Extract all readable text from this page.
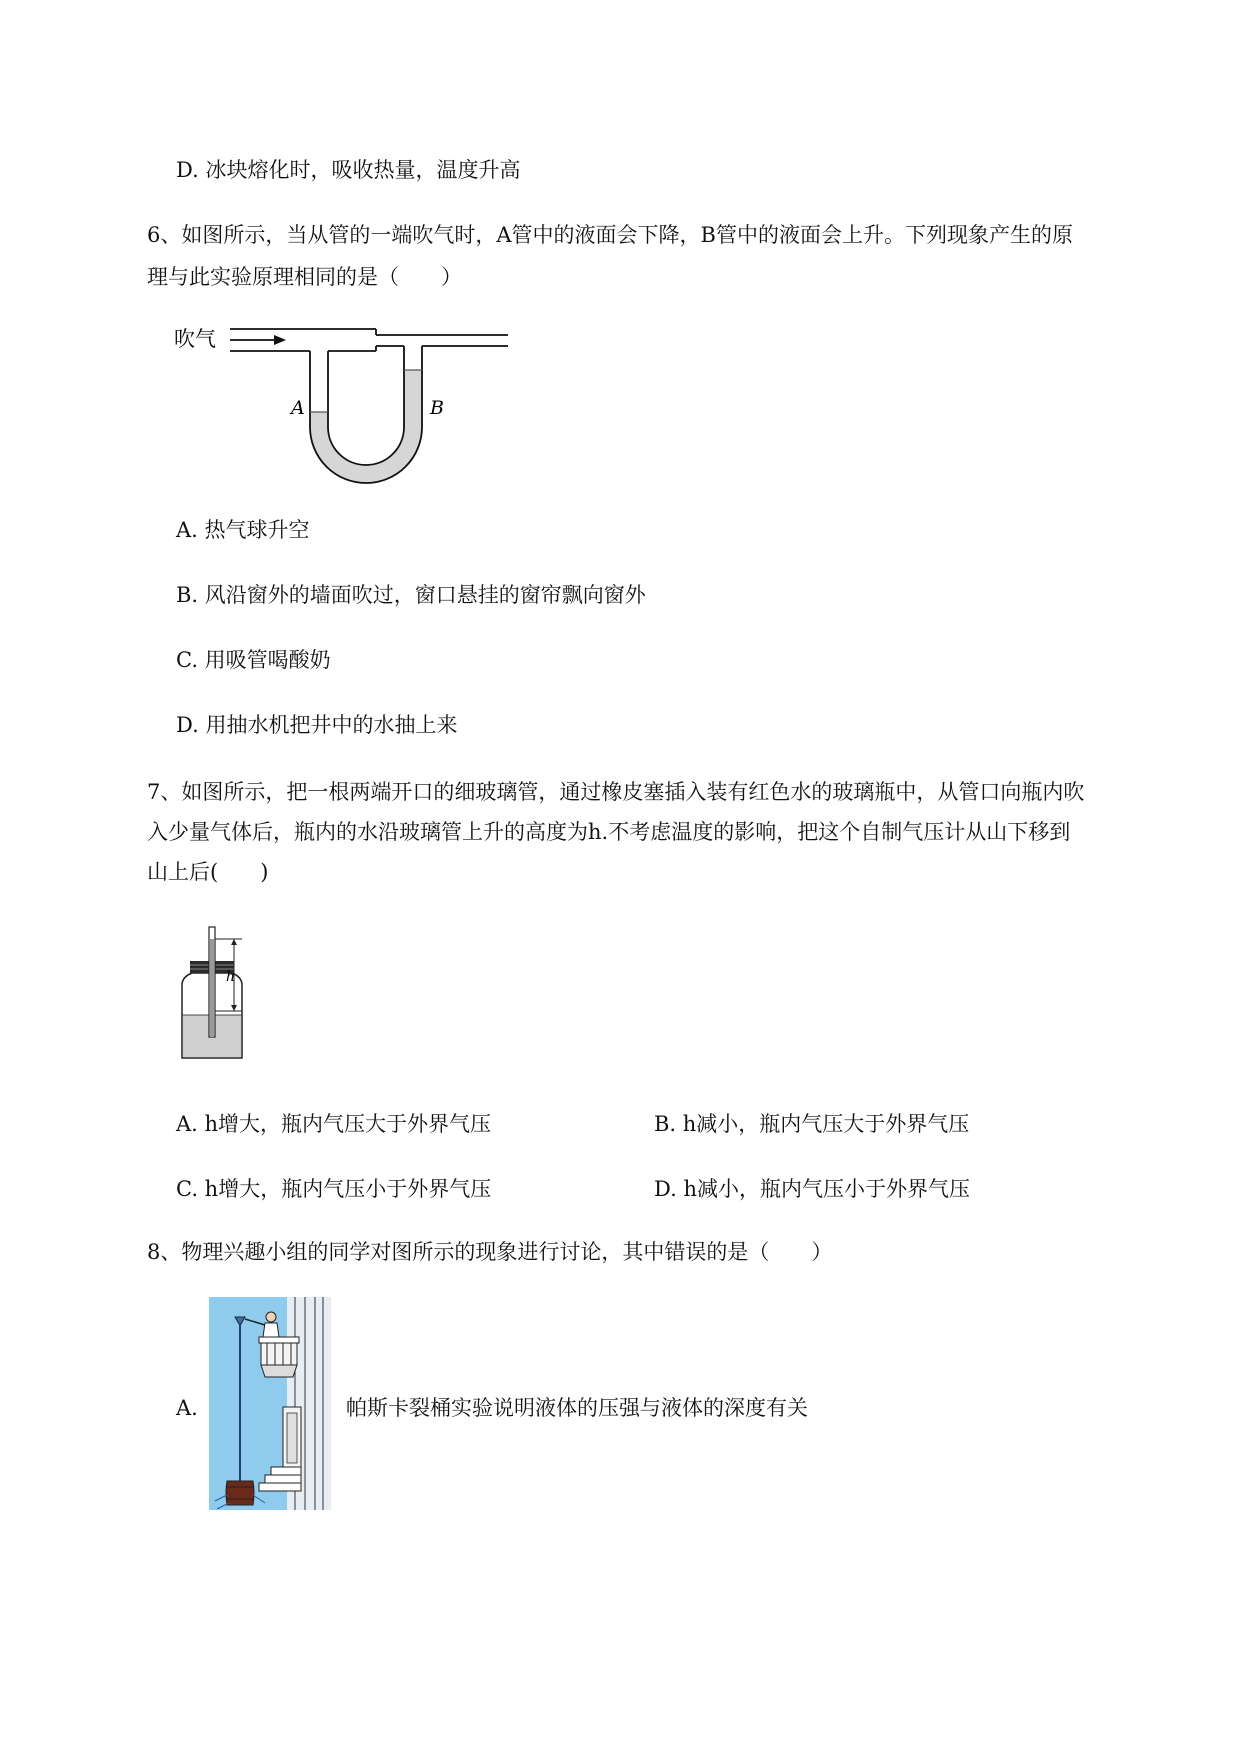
D. 冰块熔化时，吸收热量，温度升高
6、如图所示，当从管的一端吹气时，A管中的液面会下降，B管中的液面会上升。下列现象产生的原
理与此实验原理相同的是（　　）
吹气
A	B
A. 热气球升空
B. 风沿窗外的墙面吹过，窗口悬挂的窗帘飘向窗外
C. 用吸管喝酸奶
D. 用抽水机把井中的水抽上来
7、如图所示，把一根两端开口的细玻璃管，通过橡皮塞插入装有红色水的玻璃瓶中，从管口向瓶内吹
入少量气体后，瓶内的水沿玻璃管上升的高度为h.不考虑温度的影响，把这个自制气压计从山下移到
山上后(　　)
h
A. h增大，瓶内气压大于外界气压	B. h减小，瓶内气压大于外界气压
C. h增大，瓶内气压小于外界气压	D. h减小，瓶内气压小于外界气压
8、物理兴趣小组的同学对图所示的现象进行讨论，其中错误的是（　　）
A.	帕斯卡裂桶实验说明液体的压强与液体的深度有关
